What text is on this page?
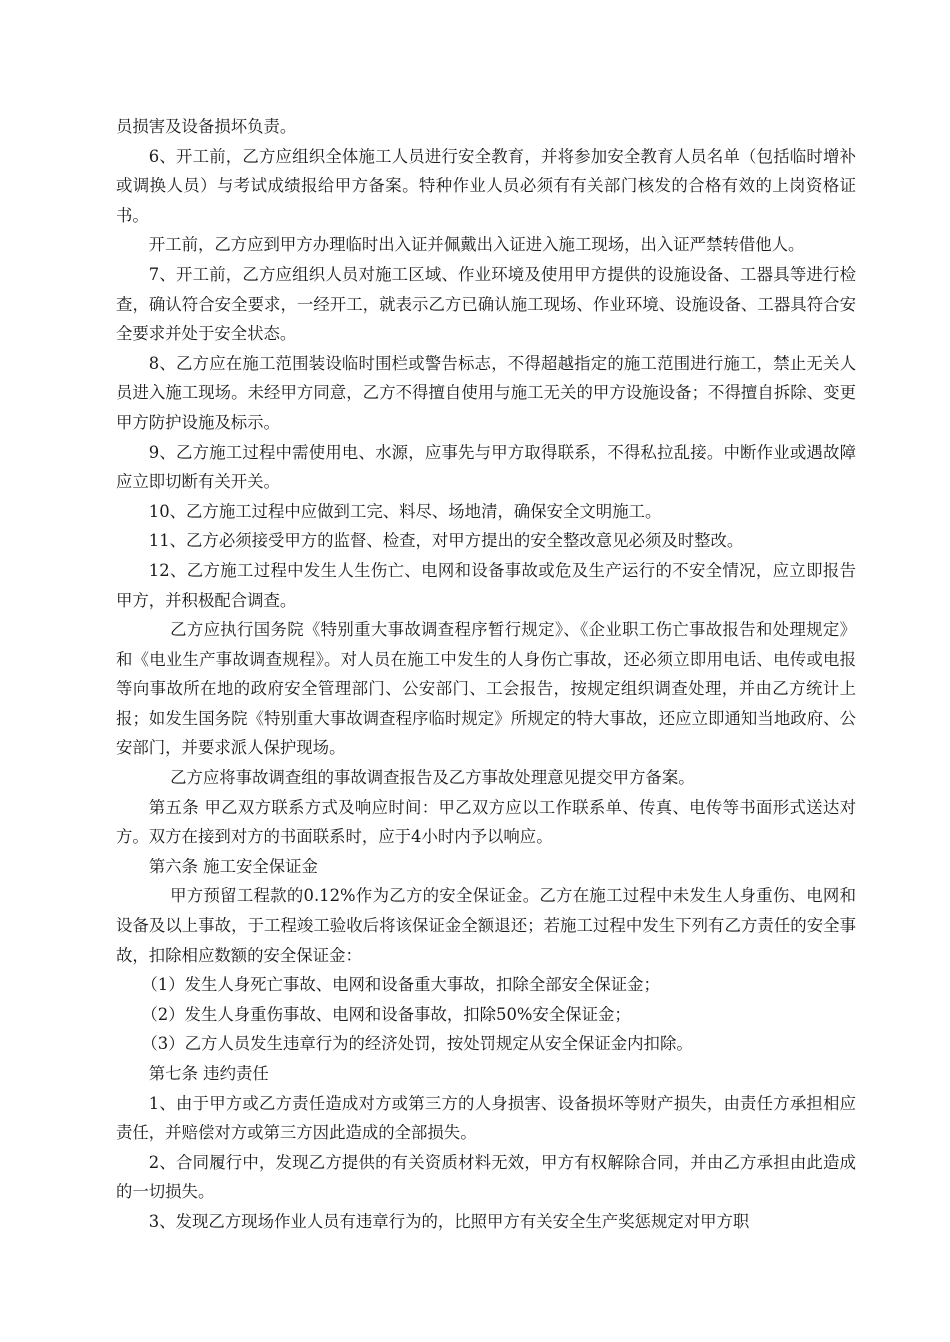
员损害及设备损坏负责。

6、开工前，乙方应组织全体施工人员进行安全教育，并将参加安全教育人员名单（包括临时增补或调换人员）与考试成绩报给甲方备案。特种作业人员必须有有关部门核发的合格有效的上岗资格证书。

开工前，乙方应到甲方办理临时出入证并佩戴出入证进入施工现场，出入证严禁转借他人。

7、开工前，乙方应组织人员对施工区域、作业环境及使用甲方提供的设施设备、工器具等进行检查，确认符合安全要求，一经开工，就表示乙方已确认施工现场、作业环境、设施设备、工器具符合安全要求并处于安全状态。

8、乙方应在施工范围装设临时围栏或警告标志，不得超越指定的施工范围进行施工，禁止无关人员进入施工现场。未经甲方同意，乙方不得擅自使用与施工无关的甲方设施设备；不得擅自拆除、变更甲方防护设施及标示。

9、乙方施工过程中需使用电、水源，应事先与甲方取得联系，不得私拉乱接。中断作业或遇故障应立即切断有关开关。

10、乙方施工过程中应做到工完、料尽、场地清，确保安全文明施工。

11、乙方必须接受甲方的监督、检查，对甲方提出的安全整改意见必须及时整改。

12、乙方施工过程中发生人生伤亡、电网和设备事故或危及生产运行的不安全情况，应立即报告甲方，并积极配合调查。

乙方应执行国务院《特别重大事故调查程序暂行规定》、《企业职工伤亡事故报告和处理规定》和《电业生产事故调查规程》。对人员在施工中发生的人身伤亡事故，还必须立即用电话、电传或电报等向事故所在地的政府安全管理部门、公安部门、工会报告，按规定组织调查处理，并由乙方统计上报；如发生国务院《特别重大事故调查程序临时规定》所规定的特大事故，还应立即通知当地政府、公安部门，并要求派人保护现场。

乙方应将事故调查组的事故调查报告及乙方事故处理意见提交甲方备案。

第五条 甲乙双方联系方式及响应时间：甲乙双方应以工作联系单、传真、电传等书面形式送达对方。双方在接到对方的书面联系时，应于4小时内予以响应。

第六条 施工安全保证金

甲方预留工程款的0.12%作为乙方的安全保证金。乙方在施工过程中未发生人身重伤、电网和设备及以上事故，于工程竣工验收后将该保证金全额退还；若施工过程中发生下列有乙方责任的安全事故，扣除相应数额的安全保证金：

（1）发生人身死亡事故、电网和设备重大事故，扣除全部安全保证金；

（2）发生人身重伤事故、电网和设备事故，扣除50%安全保证金；

（3）乙方人员发生违章行为的经济处罚，按处罚规定从安全保证金内扣除。

第七条 违约责任

1、由于甲方或乙方责任造成对方或第三方的人身损害、设备损坏等财产损失，由责任方承担相应责任，并赔偿对方或第三方因此造成的全部损失。

2、合同履行中，发现乙方提供的有关资质材料无效，甲方有权解除合同，并由乙方承担由此造成的一切损失。

3、发现乙方现场作业人员有违章行为的，比照甲方有关安全生产奖惩规定对甲方职
